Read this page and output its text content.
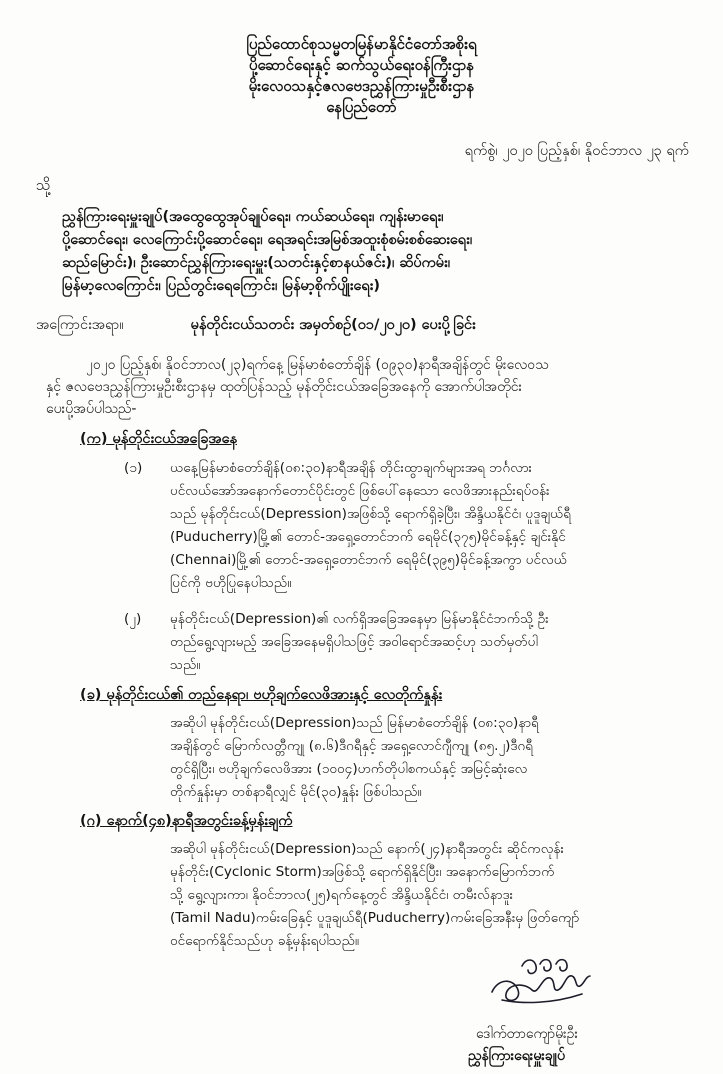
ပြည်ထောင်စုသမ္မတမြန်မာနိုင်ငံတော်အစိုးရ
ပို့ဆောင်ရေးနှင့် ဆက်သွယ်ရေးဝန်ကြီးဌာန
မိုးလေဝသနှင့်ဇလဗေဒညွှန်ကြားမှုဦးစီးဌာန
နေပြည်တော်
ရက်စွဲ၊ ၂၀၂၀ ပြည့်နှစ်၊ နိုဝင်ဘာလ ၂၃ ရက်
သို့
ညွှန်ကြားရေးမှူးချုပ်(အထွေထွေအုပ်ချုပ်ရေး၊ ကယ်ဆယ်ရေး၊ ကျန်းမာရေး၊
ပို့ဆောင်ရေး၊ လေကြောင်းပို့ဆောင်ရေး၊ ရေအရင်းအမြစ်အထူးစုံစမ်းစစ်ဆေးရေး၊
ဆည်မြောင်း)၊ ဦးဆောင်ညွှန်ကြားရေးမှူး(သတင်းနှင့်စာနယ်ဇင်း)၊ ဆိပ်ကမ်း၊
မြန်မာ့လေကြောင်း၊ ပြည်တွင်းရေကြောင်း၊ မြန်မာ့စိုက်ပျိုးရေး)
အကြောင်းအရာ။	မုန်တိုင်းငယ်သတင်း အမှတ်စဉ်(၀၁/၂၀၂၀) ပေးပို့ခြင်း
၂၀၂၀ ပြည့်နှစ်၊ နိုဝင်ဘာလ(၂၃)ရက်နေ့ မြန်မာစံတော်ချိန် (၀၉၃၀)နာရီအချိန်တွင် မိုးလေဝသ
နှင့် ဇလဗေဒညွှန်ကြားမှုဦးစီးဌာနမှ ထုတ်ပြန်သည့် မုန်တိုင်းငယ်အခြေအနေကို အောက်ပါအတိုင်း
ပေးပို့အပ်ပါသည်-
(က) မုန်တိုင်းငယ်အခြေအနေ
(၁) ယနေ့မြန်မာစံတော်ချိန်(၀၈:၃၀)နာရီအချိန် တိုင်းထွာချက်များအရ ဘင်္ဂလား
ပင်လယ်အော်အနောက်တောင်ပိုင်းတွင် ဖြစ်ပေါ်နေသော လေဖိအားနည်းရပ်ဝန်း
သည် မုန်တိုင်းငယ်(Depression)အဖြစ်သို့ ရောက်ရှိခဲ့ပြီး၊ အိန္ဒိယနိုင်ငံ၊ ပူဒူချယ်ရီ
(Puducherry)မြို့၏ တောင်-အရှေ့တောင်ဘက် ရေမိုင်(၃၇၅)မိုင်ခန့်နှင့် ချင်းနိုင်
(Chennai)မြို့၏ တောင်-အရှေ့တောင်ဘက် ရေမိုင်(၃၉၅)မိုင်ခန့်အကွာ ပင်လယ်
ပြင်ကို ဗဟိုပြုနေပါသည်။
(၂) မုန်တိုင်းငယ်(Depression)၏ လက်ရှိအခြေအနေမှာ မြန်မာနိုင်ငံဘက်သို့ ဦး
တည်ရွေ့လျားမည့် အခြေအနေမရှိပါသဖြင့် အဝါရောင်အဆင့်ဟု သတ်မှတ်ပါ
သည်။
(ခ) မုန်တိုင်းငယ်၏ တည်နေရာ၊ ဗဟိုချက်လေဖိအားနှင့် လေတိုက်နှုန်း
အဆိုပါ မုန်တိုင်းငယ်(Depression)သည် မြန်မာစံတော်ချိန် (၀၈:၃၀)နာရီ
အချိန်တွင် မြောက်လတ္တီကျု (၈.၆)ဒီဂရီနှင့် အရှေ့လောင်ဂျီကျု (၈၅.၂)ဒီဂရီ
တွင်ရှိပြီး၊ ဗဟိုချက်လေဖိအား (၁၀၀၄)ဟက်တိုပါစကယ်နှင့် အမြင့်ဆုံးလေ
တိုက်နှုန်းမှာ တစ်နာရီလျှင် မိုင်(၃၀)နှုန်း ဖြစ်ပါသည်။
(ဂ) နောက်(၄၈)နာရီအတွင်းခန့်မှန်းချက်
အဆိုပါ မုန်တိုင်းငယ်(Depression)သည် နောက်(၂၄)နာရီအတွင်း ဆိုင်ကလုန်း
မုန်တိုင်း(Cyclonic Storm)အဖြစ်သို့ ရောက်ရှိနိုင်ပြီး၊ အနောက်မြောက်ဘက်
သို့ ရွေ့လျားကာ၊ နိုဝင်ဘာလ(၂၅)ရက်နေ့တွင် အိန္ဒိယနိုင်ငံ၊ တမီးလ်နာဒူး
(Tamil Nadu)ကမ်းခြေနှင့် ပူဒူချယ်ရီ(Puducherry)ကမ်းခြေအနီးမှ ဖြတ်ကျော်
ဝင်ရောက်နိုင်သည်ဟု ခန့်မှန်းရပါသည်။
ဒေါက်တာကျော်မိုးဦး
ညွှန်ကြားရေးမှူးချုပ်
